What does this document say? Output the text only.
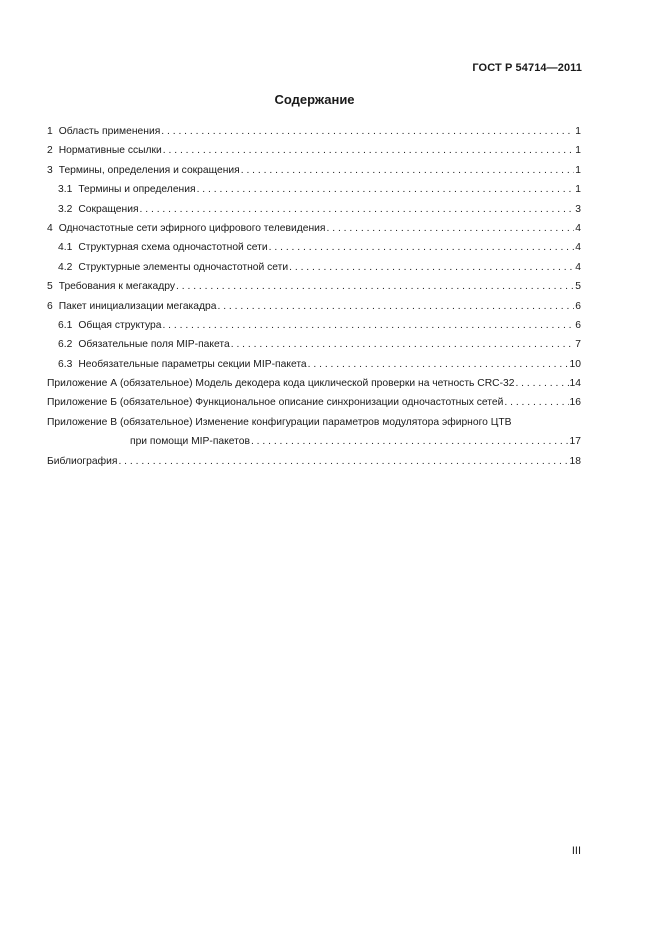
ГОСТ Р 54714—2011
Содержание
1 Область применения . . .	1
2 Нормативные ссылки . . .	1
3 Термины, определения и сокращения . . .	1
3.1 Термины и определения . . .	1
3.2 Сокращения . . .	3
4 Одночастотные сети эфирного цифрового телевидения . . .	4
4.1 Структурная схема одночастотной сети . . .	4
4.2 Структурные элементы одночастотной сети . . .	4
5 Требования к мегакадру . . .	5
6 Пакет инициализации мегакадра . . .	6
6.1 Общая структура . . .	6
6.2 Обязательные поля MIP-пакета . . .	7
6.3 Необязательные параметры секции MIP-пакета . . .	10
Приложение А (обязательное) Модель декодера кода циклической проверки на четность CRC-32 . . .	14
Приложение Б (обязательное) Функциональное описание синхронизации одночастотных сетей . . .	16
Приложение В (обязательное) Изменение конфигурации параметров модулятора эфирного ЦТВ
при помощи MIP-пакетов . . .	17
Библиография . . .	18
III
